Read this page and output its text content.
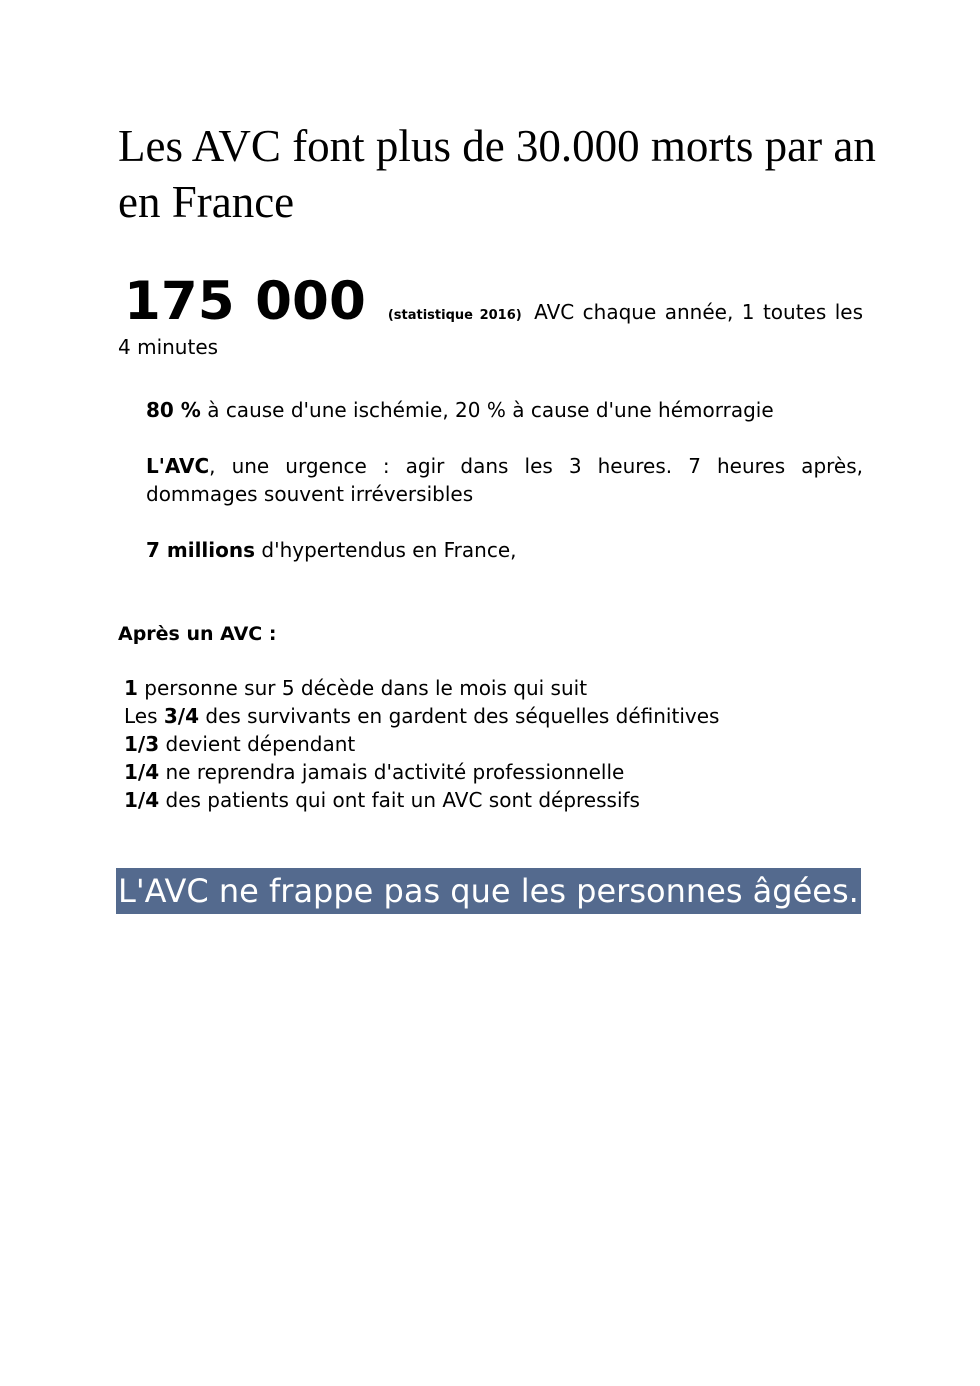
Les AVC font plus de 30.000 morts par an en France

175 000 (statistique 2016) AVC chaque année, 1 toutes les 4 minutes

80 % à cause d'une ischémie, 20 % à cause d'une hémorragie

L'AVC, une urgence : agir dans les 3 heures. 7 heures après, dommages souvent irréversibles

7 millions d'hypertendus en France,

Après un AVC :
1 personne sur 5 décède dans le mois qui suit
Les 3/4 des survivants en gardent des séquelles définitives
1/3 devient dépendant
1/4 ne reprendra jamais d'activité professionnelle
1/4 des patients qui ont fait un AVC sont dépressifs
L'AVC ne frappe pas que les personnes âgées.
